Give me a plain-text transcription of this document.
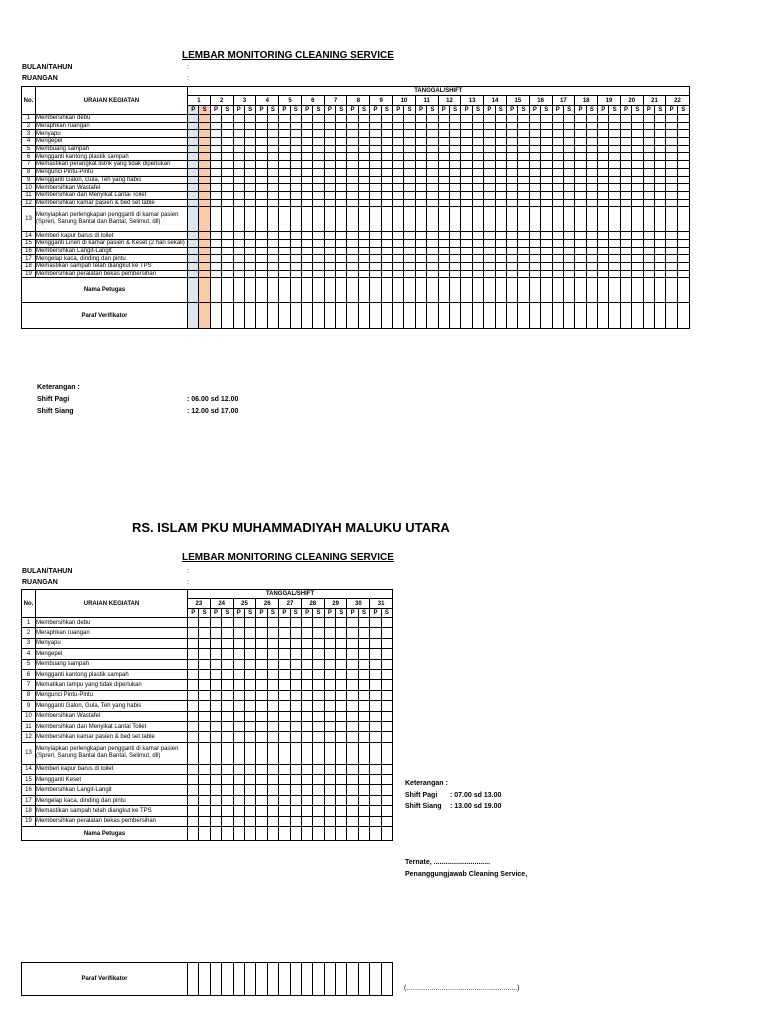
LEMBAR MONITORING CLEANING SERVICE
BULAN/TAHUN	:
RUANGAN	:
No.	URAIAN KEGIATAN	TANGGAL/SHIFT																																											
		1		2		3		4		5		6		7		8		9		10		11		12		13		14		15		16		17		18		19		20		21		22	
		P	S	P	S	P	S	P	S	P	S	P	S	P	S	P	S	P	S	P	S	P	S	P	S	P	S	P	S	P	S	P	S	P	S	P	S	P	S	P	S	P	S	P	S
1	Membersihkan debu																																												
2	Meraphkan ruangan																																												
3	Menyapu																																												
4	Mengepel																																												
5	Membuang sampah																																												
6	Mengganti kantong plastik sampah																																												
7	Memastikan perangkat listrik yang tidak diperlukan																																												
8	Mengunci Pintu-Pintu																																												
9	Mengganti Galon, Gula, Teh yang habis																																												
10	Membersihkan Wastafel																																												
11	Membersihkan dan Menyikat Lantai Toilet																																												
12	Membersihkan kamar pasien & bed set table																																												
13	Menyiapkan perlengkapan pengganti di kamar pasien (Spreri, Sarung Bantal dan Bantal, Selimut, dll)																																												
14	Memberi kapur barus di toilet																																												
15	Mengganti Linen di kamar pasien & Keset (2 hari sekali)																																												
16	Membersihkan Langit-Langit																																												
17	Mengelap kaca, dinding dan pintu																																												
18	Memastikan sampah telah diangkut ke TPS																																												
19	Membersihkan peralatan bekas pembersihan																																												
Nama Petugas																																													
Paraf Verifikator																																													
Keterangan :
Shift Pagi	: 06.00 sd 12.00
Shift Siang	: 12.00 sd 17.00
RS. ISLAM PKU MUHAMMADIYAH MALUKU UTARA
LEMBAR MONITORING CLEANING SERVICE
BULAN/TAHUN	:
RUANGAN	:
No.	URAIAN KEGIATAN	TANGGAL/SHIFT																	
		23		24		25		26		27		28		29		30		31	
		P	S	P	S	P	S	P	S	P	S	P	S	P	S	P	S	P	S
1	Membersihkan debu																		
2	Meraphkan ruangan																		
3	Menyapu																		
4	Mengepel																		
5	Membuang sampah																		
6	Mengganti kantong plastik sampah																		
7	Mematikan lampu yang tidak diperlukan																		
8	Mengunci Pintu-Pintu																		
9	Mengganti Galon, Gula, Teh yang habis																		
10	Membersihkan Wastafel																		
11	Membersihkan dan Menyikat Lantai Toilet																		
12	Membersihkan kamar pasien & bed set table																		
13	Menyiapkan perlengkapan pengganti di kamar pasien (Spreri, Sarung Bantal dan Bantal, Selimut, dll)																		
14	Memberi kapur barus di toilet																		
15	Mengganti Keset																		
16	Membersihkan Langit-Langit																		
17	Mengelap kaca, dinding dan pintu																		
18	Memastikan sampah telah diangkut ke TPS																		
19	Membersihkan peralatan bekas pembersihan																		
Nama Petugas																			
Paraf Verifikator																		
Keterangan :
Shift Pagi : 07.00 sd 13.00
Shift Siang : 13.00 sd 19.00
Ternate, .............................
Penanggungjawab Cleaning Service,
(.........................................................)
